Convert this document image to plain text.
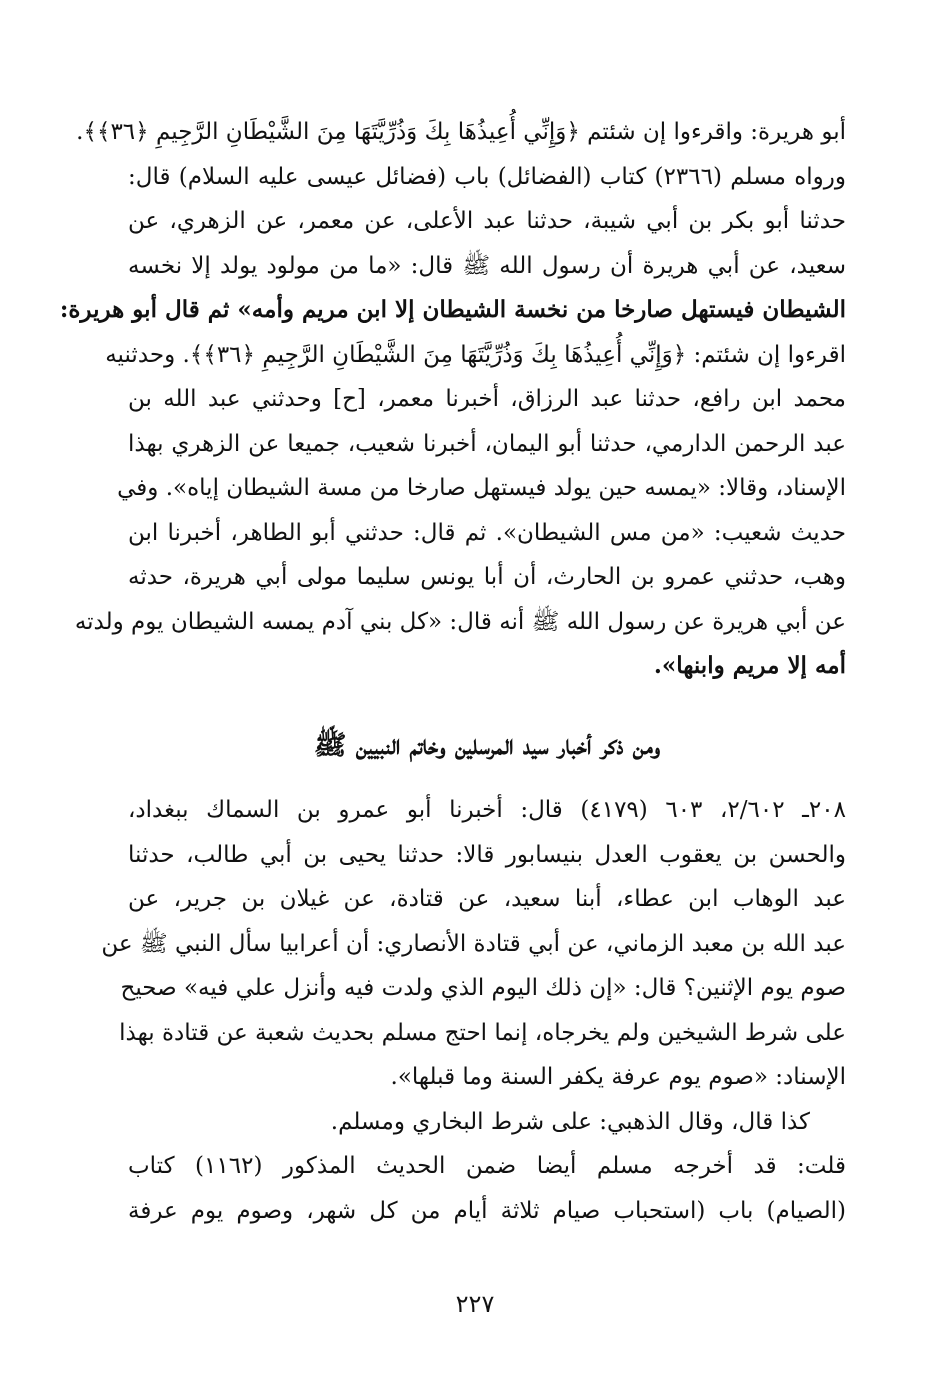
أبو هريرة: واقرءوا إن شئتم ﴿وَإِنِّي أُعِيذُهَا بِكَ وَذُرِّيَّتَهَا مِنَ الشَّيْطَانِ الرَّجِيمِ ﴿٣٦﴾﴾.
ورواه مسلم (٢٣٦٦) كتاب (الفضائل) باب (فضائل عيسى عليه السلام) قال:
حدثنا أبو بكر بن أبي شيبة، حدثنا عبد الأعلى، عن معمر، عن الزهري، عن
سعيد، عن أبي هريرة أن رسول الله ﷺ قال: «ما من مولود يولد إلا نخسه
الشيطان فيستهل صارخا من نخسة الشيطان إلا ابن مريم وأمه» ثم قال أبو هريرة:
اقرءوا إن شئتم: ﴿وَإِنِّي أُعِيذُهَا بِكَ وَذُرِّيَّتَهَا مِنَ الشَّيْطَانِ الرَّجِيمِ ﴿٣٦﴾﴾. وحدثنيه
محمد ابن رافع، حدثنا عبد الرزاق، أخبرنا معمر، [ح] وحدثني عبد الله بن
عبد الرحمن الدارمي، حدثنا أبو اليمان، أخبرنا شعيب، جميعا عن الزهري بهذا
الإسناد، وقالا: «يمسه حين يولد فيستهل صارخا من مسة الشيطان إياه». وفي
حديث شعيب: «من مس الشيطان». ثم قال: حدثني أبو الطاهر، أخبرنا ابن
وهب، حدثني عمرو بن الحارث، أن أبا يونس سليما مولى أبي هريرة، حدثه
عن أبي هريرة عن رسول الله ﷺ أنه قال: «كل بني آدم يمسه الشيطان يوم ولدته
أمه إلا مريم وابنها».
ومن ذكر أخبار سيد المرسلين وخاتم النبيين ﷺ
٢٠٨ـ ٢/٦٠٢، ٦٠٣ (٤١٧٩) قال: أخبرنا أبو عمرو بن السماك ببغداد،
والحسن بن يعقوب العدل بنيسابور قالا: حدثنا يحيى بن أبي طالب، حدثنا
عبد الوهاب ابن عطاء، أبنا سعيد، عن قتادة، عن غيلان بن جرير، عن
عبد الله بن معبد الزماني، عن أبي قتادة الأنصاري: أن أعرابيا سأل النبي ﷺ عن
صوم يوم الإثنين؟ قال: «إن ذلك اليوم الذي ولدت فيه وأنزل علي فيه» صحيح
على شرط الشيخين ولم يخرجاه، إنما احتج مسلم بحديث شعبة عن قتادة بهذا
الإسناد: «صوم يوم عرفة يكفر السنة وما قبلها».
كذا قال، وقال الذهبي: على شرط البخاري ومسلم.
قلت: قد أخرجه مسلم أيضا ضمن الحديث المذكور (١١٦٢) كتاب
(الصيام) باب (استحباب صيام ثلاثة أيام من كل شهر، وصوم يوم عرفة
٢٢٧
